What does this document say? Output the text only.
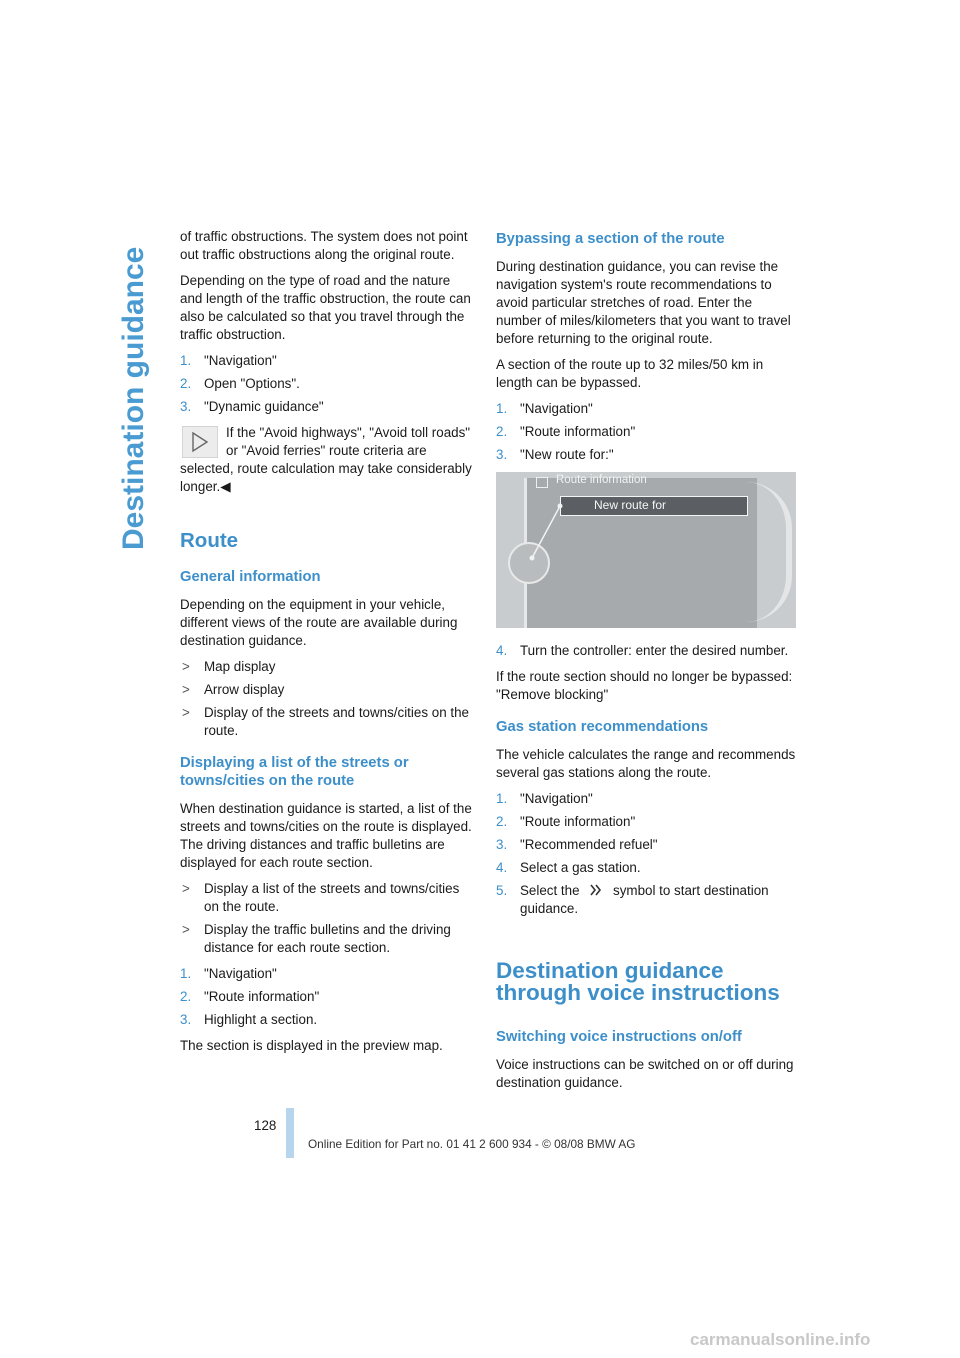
Destination guidance

of traffic obstructions. The system does not point out traffic obstructions along the original route.

Depending on the type of road and the nature and length of the traffic obstruction, the route can also be calculated so that you travel through the traffic obstruction.

1. "Navigation"
2. Open "Options".
3. "Dynamic guidance"
If the "Avoid highways", "Avoid toll roads" or "Avoid ferries" route criteria are selected, route calculation may take considerably longer.◀
Route
General information

Depending on the equipment in your vehicle, different views of the route are available during destination guidance.

> Map display
> Arrow display
> Display of the streets and towns/cities on the route.
Displaying a list of the streets or towns/cities on the route

When destination guidance is started, a list of the streets and towns/cities on the route is displayed. The driving distances and traffic bulletins are displayed for each route section.

> Display a list of the streets and towns/cities on the route.
> Display the traffic bulletins and the driving distance for each route section.
1. "Navigation"
2. "Route information"
3. Highlight a section.

The section is displayed in the preview map.

Bypassing a section of the route

During destination guidance, you can revise the navigation system's route recommendations to avoid particular stretches of road. Enter the number of miles/kilometers that you want to travel before returning to the original route.

A section of the route up to 32 miles/50 km in length can be bypassed.

1. "Navigation"
2. "Route information"
3. "New route for:"
Route information
New route for
4. Turn the controller: enter the desired number.

If the route section should no longer be bypassed: "Remove blocking"

Gas station recommendations

The vehicle calculates the range and recommends several gas stations along the route.

1. "Navigation"
2. "Route information"
3. "Recommended refuel"
4. Select a gas station.
5. Select the symbol to start destination guidance.
Destination guidance through voice instructions
Switching voice instructions on/off

Voice instructions can be switched on or off during destination guidance.

128
Online Edition for Part no. 01 41 2 600 934 - © 08/08 BMW AG
carmanualsonline.info
